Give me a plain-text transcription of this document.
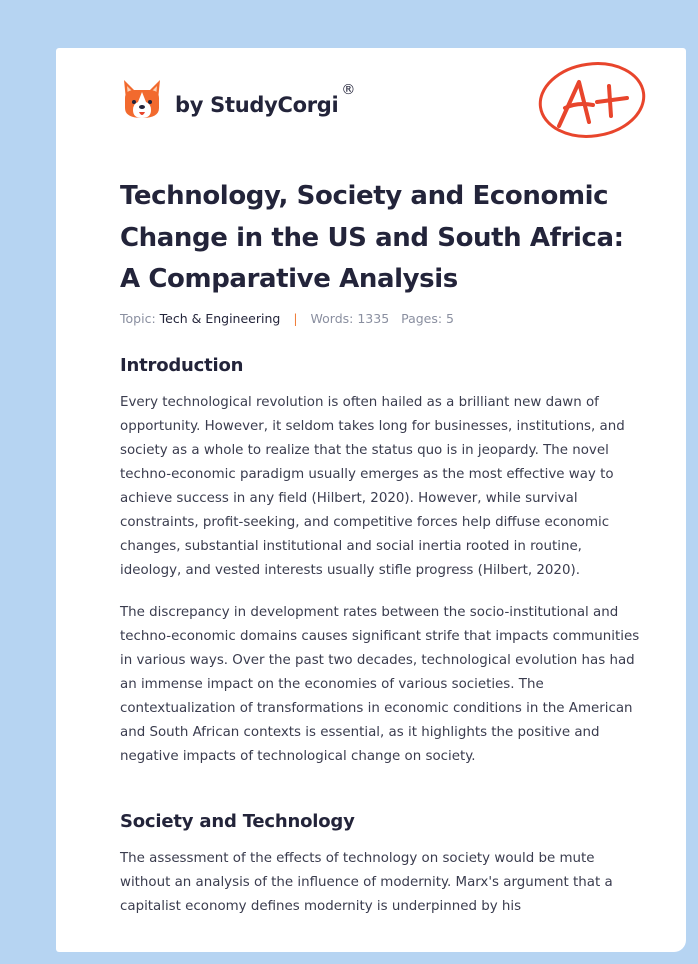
by StudyCorgi
®
A+
Technology, Society and Economic Change in the US and South Africa: A Comparative Analysis
Topic: Tech & Engineering | Words: 1335 Pages: 5
Introduction

Every technological revolution is often hailed as a brilliant new dawn of opportunity. However, it seldom takes long for businesses, institutions, and society as a whole to realize that the status quo is in jeopardy. The novel techno-economic paradigm usually emerges as the most effective way to achieve success in any field (Hilbert, 2020). However, while survival constraints, profit-seeking, and competitive forces help diffuse economic changes, substantial institutional and social inertia rooted in routine, ideology, and vested interests usually stifle progress (Hilbert, 2020).

The discrepancy in development rates between the socio-institutional and techno-economic domains causes significant strife that impacts communities in various ways. Over the past two decades, technological evolution has had an immense impact on the economies of various societies. The contextualization of transformations in economic conditions in the American and South African contexts is essential, as it highlights the positive and negative impacts of technological change on society.

Society and Technology

The assessment of the effects of technology on society would be mute without an analysis of the influence of modernity. Marx's argument that a capitalist economy defines modernity is underpinned by his
